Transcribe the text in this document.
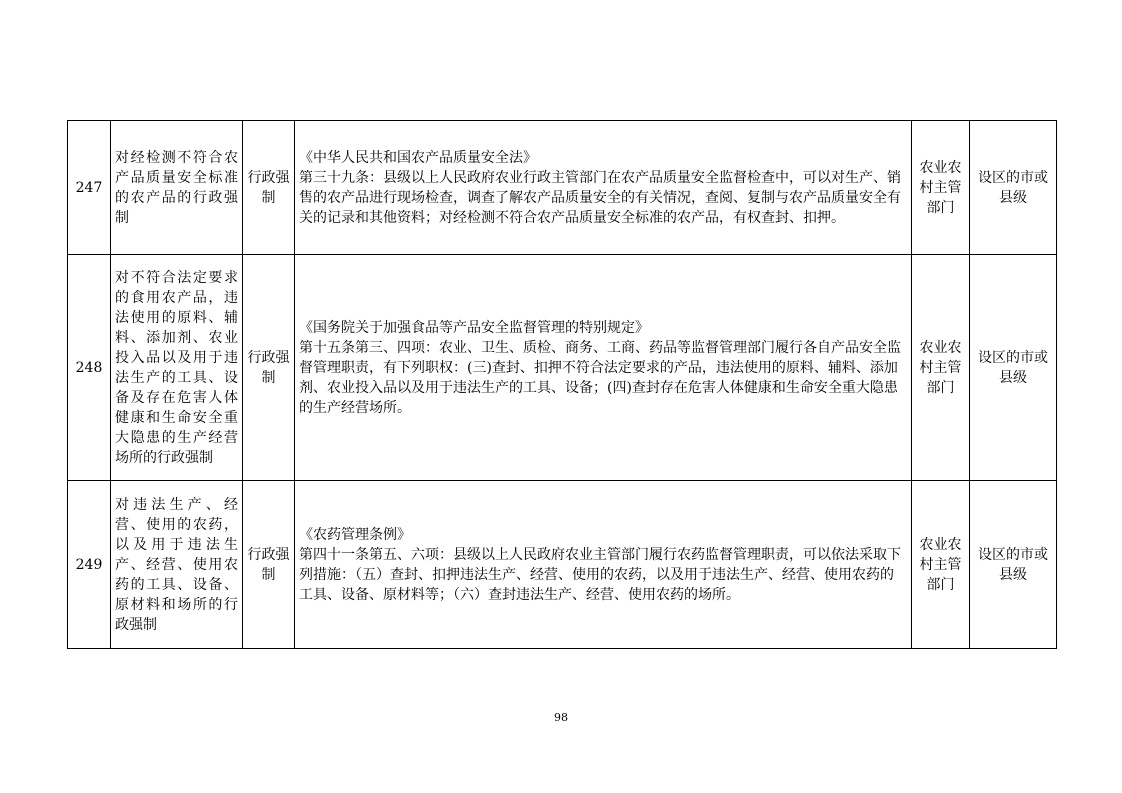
247	对经检测不符合农产品质量安全标准的农产品的行政强制	行政强制	《中华人民共和国农产品质量安全法》
第三十九条：县级以上人民政府农业行政主管部门在农产品质量安全监督检查中，可以对生产、销售的农产品进行现场检查，调查了解农产品质量安全的有关情况，查阅、复制与农产品质量安全有关的记录和其他资料；对经检测不符合农产品质量安全标准的农产品，有权查封、扣押。	农业农村主管部门	设区的市或县级
248	对不符合法定要求的食用农产品，违法使用的原料、辅料、添加剂、农业投入品以及用于违法生产的工具、设备及存在危害人体健康和生命安全重大隐患的生产经营场所的行政强制	行政强制	《国务院关于加强食品等产品安全监督管理的特别规定》
第十五条第三、四项：农业、卫生、质检、商务、工商、药品等监督管理部门履行各自产品安全监督管理职责，有下列职权：(三)查封、扣押不符合法定要求的产品，违法使用的原料、辅料、添加剂、农业投入品以及用于违法生产的工具、设备；(四)查封存在危害人体健康和生命安全重大隐患的生产经营场所。	农业农村主管部门	设区的市或县级
249	对违法生产、经营、使用的农药，以及用于违法生产、经营、使用农药的工具、设备、原材料和场所的行政强制	行政强制	《农药管理条例》
第四十一条第五、六项：县级以上人民政府农业主管部门履行农药监督管理职责，可以依法采取下列措施：（五）查封、扣押违法生产、经营、使用的农药，以及用于违法生产、经营、使用农药的 工具、设备、原材料等；（六）查封违法生产、经营、使用农药的场所。	农业农村主管部门	设区的市或县级
98
